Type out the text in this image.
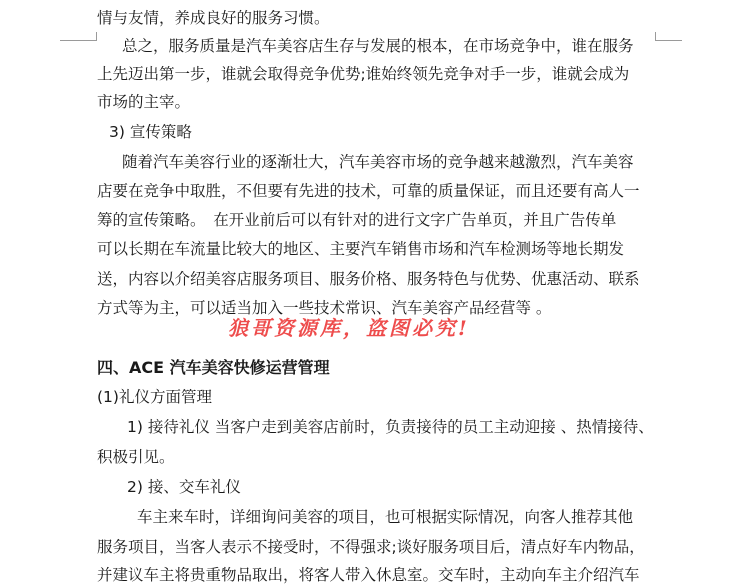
情与友情，养成良好的服务习惯。
总之，服务质量是汽车美容店生存与发展的根本，在市场竞争中，谁在服务
上先迈出第一步，谁就会取得竞争优势;谁始终领先竞争对手一步，谁就会成为
市场的主宰。
3) 宣传策略
随着汽车美容行业的逐渐壮大，汽车美容市场的竞争越来越激烈，汽车美容
店要在竞争中取胜，不但要有先进的技术，可靠的质量保证，而且还要有高人一
筹的宣传策略。　在开业前后可以有针对的进行文字广告单页，并且广告传单
可以长期在车流量比较大的地区、主要汽车销售市场和汽车检测场等地长期发
送，内容以介绍美容店服务项目、服务价格、服务特色与优势、优惠活动、联系
方式等为主，可以适当加入一些技术常识、汽车美容产品经营等 。
狼哥资源库，盗图必究!
四、ACE 汽车美容快修运营管理
(1)礼仪方面管理
1) 接待礼仪 当客户走到美容店前时，负责接待的员工主动迎接 、热情接待、
积极引见。
2) 接、交车礼仪
车主来车时，详细询问美容的项目，也可根据实际情况，向客人推荐其他
服务项目，当客人表示不接受时，不得强求;谈好服务项目后，清点好车内物品，
并建议车主将贵重物品取出，将客人带入休息室。交车时，主动向车主介绍汽车
